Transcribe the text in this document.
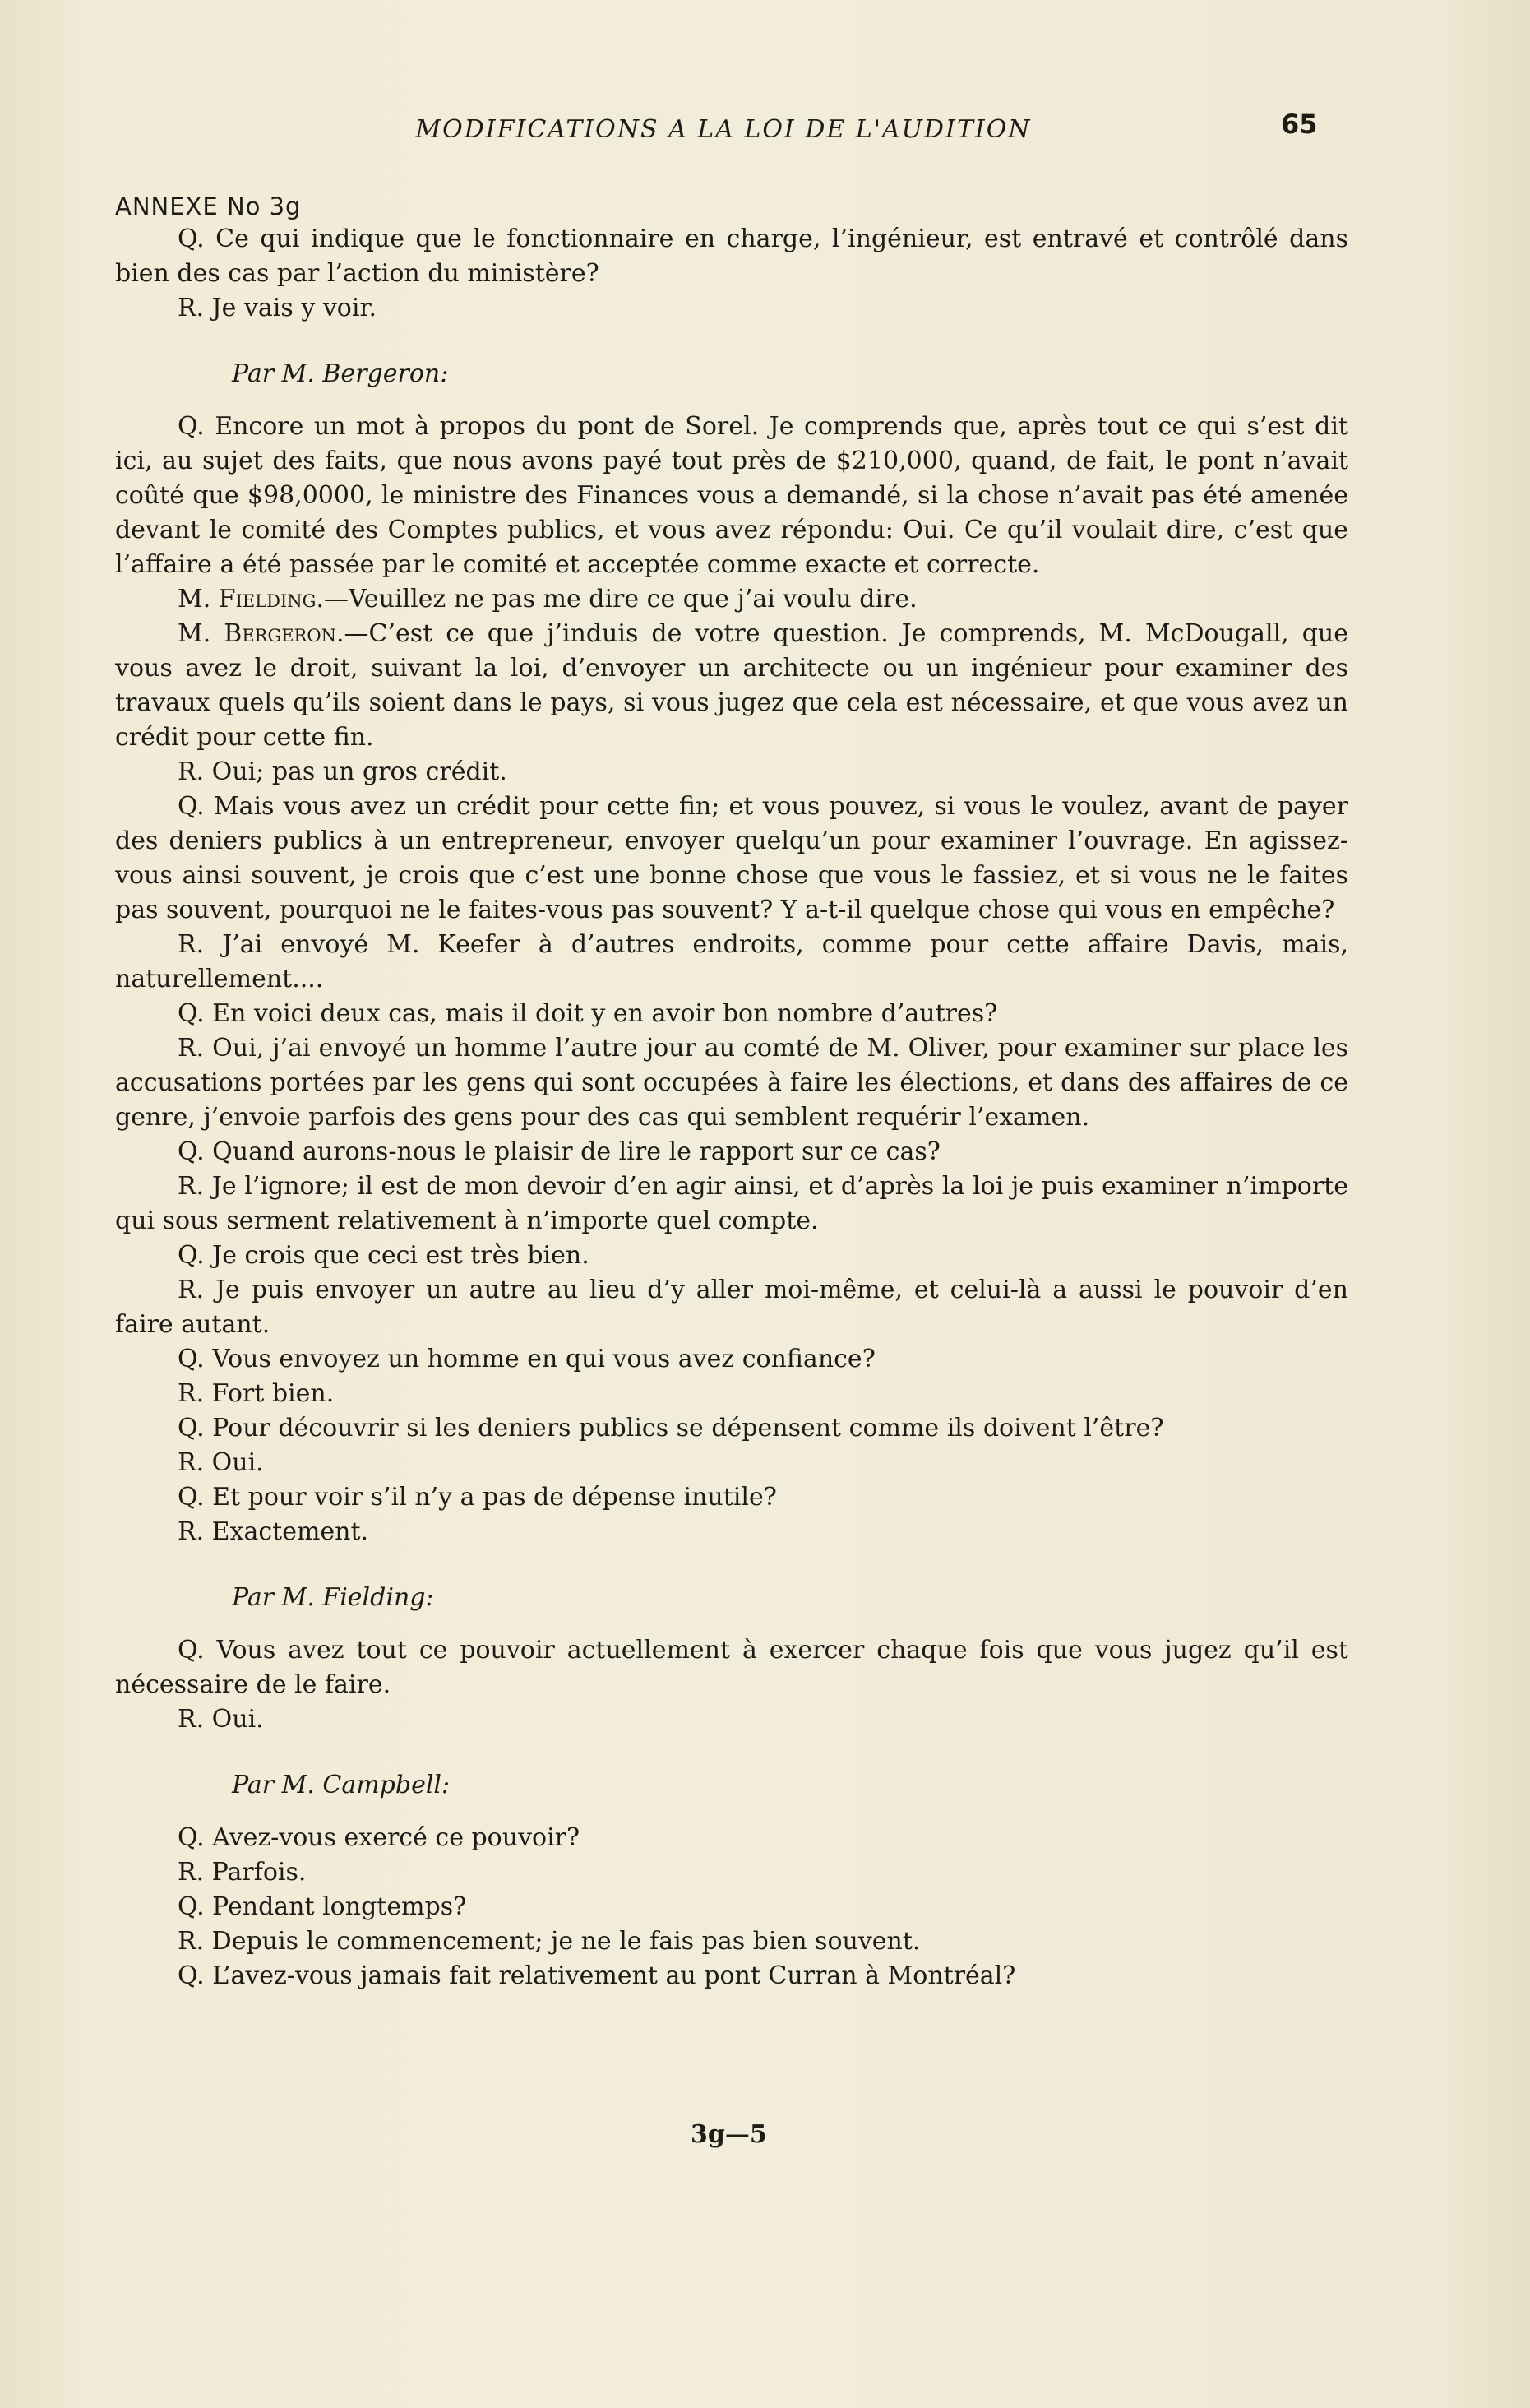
MODIFICATIONS A LA LOI DE L'AUDITION	65
ANNEXE No 3g

Q. Ce qui indique que le fonctionnaire en charge, l’ingénieur, est entravé et contrôlé dans bien des cas par l’action du ministère?

R. Je vais y voir.

Par M. Bergeron:

Q. Encore un mot à propos du pont de Sorel. Je comprends que, après tout ce qui s’est dit ici, au sujet des faits, que nous avons payé tout près de $210,000, quand, de fait, le pont n’avait coûté que $98,0000, le ministre des Finances vous a demandé, si la chose n’avait pas été amenée devant le comité des Comptes publics, et vous avez répondu: Oui. Ce qu’il voulait dire, c’est que l’affaire a été passée par le comité et acceptée comme exacte et correcte.

M. Fielding.—Veuillez ne pas me dire ce que j’ai voulu dire.

M. Bergeron.—C’est ce que j’induis de votre question. Je comprends, M. McDougall, que vous avez le droit, suivant la loi, d’envoyer un architecte ou un ingénieur pour examiner des travaux quels qu’ils soient dans le pays, si vous jugez que cela est nécessaire, et que vous avez un crédit pour cette fin.

R. Oui; pas un gros crédit.

Q. Mais vous avez un crédit pour cette fin; et vous pouvez, si vous le voulez, avant de payer des deniers publics à un entrepreneur, envoyer quelqu’un pour examiner l’ouvrage. En agissez-vous ainsi souvent, je crois que c’est une bonne chose que vous le fassiez, et si vous ne le faites pas souvent, pourquoi ne le faites-vous pas souvent? Y a-t-il quelque chose qui vous en empêche?

R. J’ai envoyé M. Keefer à d’autres endroits, comme pour cette affaire Davis, mais, naturellement....

Q. En voici deux cas, mais il doit y en avoir bon nombre d’autres?

R. Oui, j’ai envoyé un homme l’autre jour au comté de M. Oliver, pour examiner sur place les accusations portées par les gens qui sont occupées à faire les élections, et dans des affaires de ce genre, j’envoie parfois des gens pour des cas qui semblent requérir l’examen.

Q. Quand aurons-nous le plaisir de lire le rapport sur ce cas?

R. Je l’ignore; il est de mon devoir d’en agir ainsi, et d’après la loi je puis examiner n’importe qui sous serment relativement à n’importe quel compte.

Q. Je crois que ceci est très bien.

R. Je puis envoyer un autre au lieu d’y aller moi-même, et celui-là a aussi le pouvoir d’en faire autant.

Q. Vous envoyez un homme en qui vous avez confiance?

R. Fort bien.

Q. Pour découvrir si les deniers publics se dépensent comme ils doivent l’être?

R. Oui.

Q. Et pour voir s’il n’y a pas de dépense inutile?

R. Exactement.

Par M. Fielding:

Q. Vous avez tout ce pouvoir actuellement à exercer chaque fois que vous jugez qu’il est nécessaire de le faire.

R. Oui.

Par M. Campbell:

Q. Avez-vous exercé ce pouvoir?

R. Parfois.

Q. Pendant longtemps?

R. Depuis le commencement; je ne le fais pas bien souvent.

Q. L’avez-vous jamais fait relativement au pont Curran à Montréal?

3g—5
